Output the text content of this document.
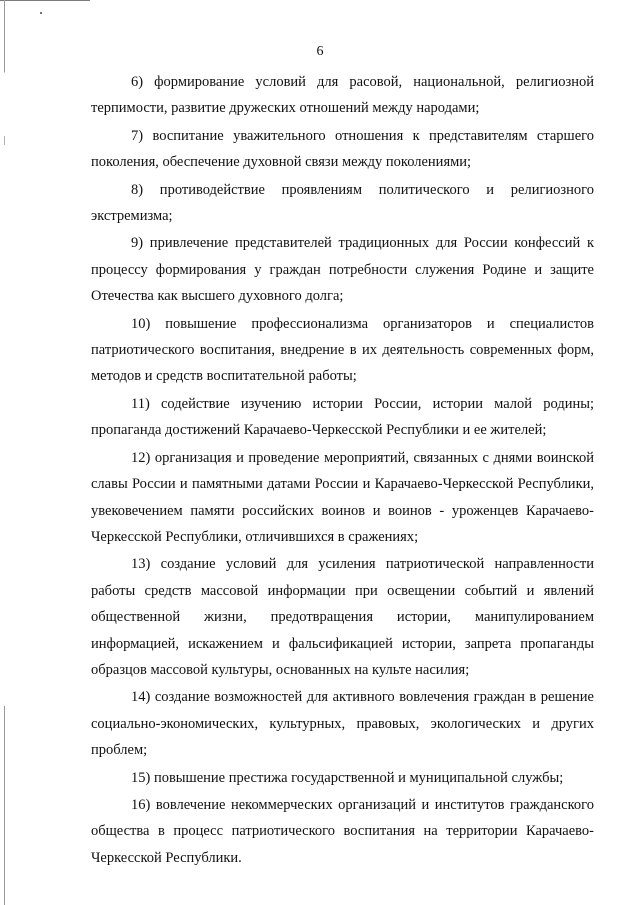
6

6) формирование условий для расовой, национальной, религиозной терпимости, развитие дружеских отношений между народами;

7) воспитание уважительного отношения к представителям старшего поколения, обеспечение духовной связи между поколениями;

8) противодействие проявлениям политического и религиозного экстремизма;

9) привлечение представителей традиционных для России конфессий к процессу формирования у граждан потребности служения Родине и защите Отечества как высшего духовного долга;

10) повышение профессионализма организаторов и специалистов патриотического воспитания, внедрение в их деятельность современных форм, методов и средств воспитательной работы;

11) содействие изучению истории России, истории малой родины; пропаганда достижений Карачаево-Черкесской Республики и ее жителей;

12) организация и проведение мероприятий, связанных с днями воинской славы России и памятными датами России и Карачаево-Черкесской Республики, увековечением памяти российских воинов и воинов - уроженцев Карачаево-Черкесской Республики, отличившихся в сражениях;

13) создание условий для усиления патриотической направленности работы средств массовой информации при освещении событий и явлений общественной жизни, предотвращения истории, манипулированием информацией, искажением и фальсификацией истории, запрета пропаганды образцов массовой культуры, основанных на культе насилия;

14) создание возможностей для активного вовлечения граждан в решение социально-экономических, культурных, правовых, экологических и других проблем;

15) повышение престижа государственной и муниципальной службы;

16) вовлечение некоммерческих организаций и институтов гражданского общества в процесс патриотического воспитания на территории Карачаево-Черкесской Республики.
